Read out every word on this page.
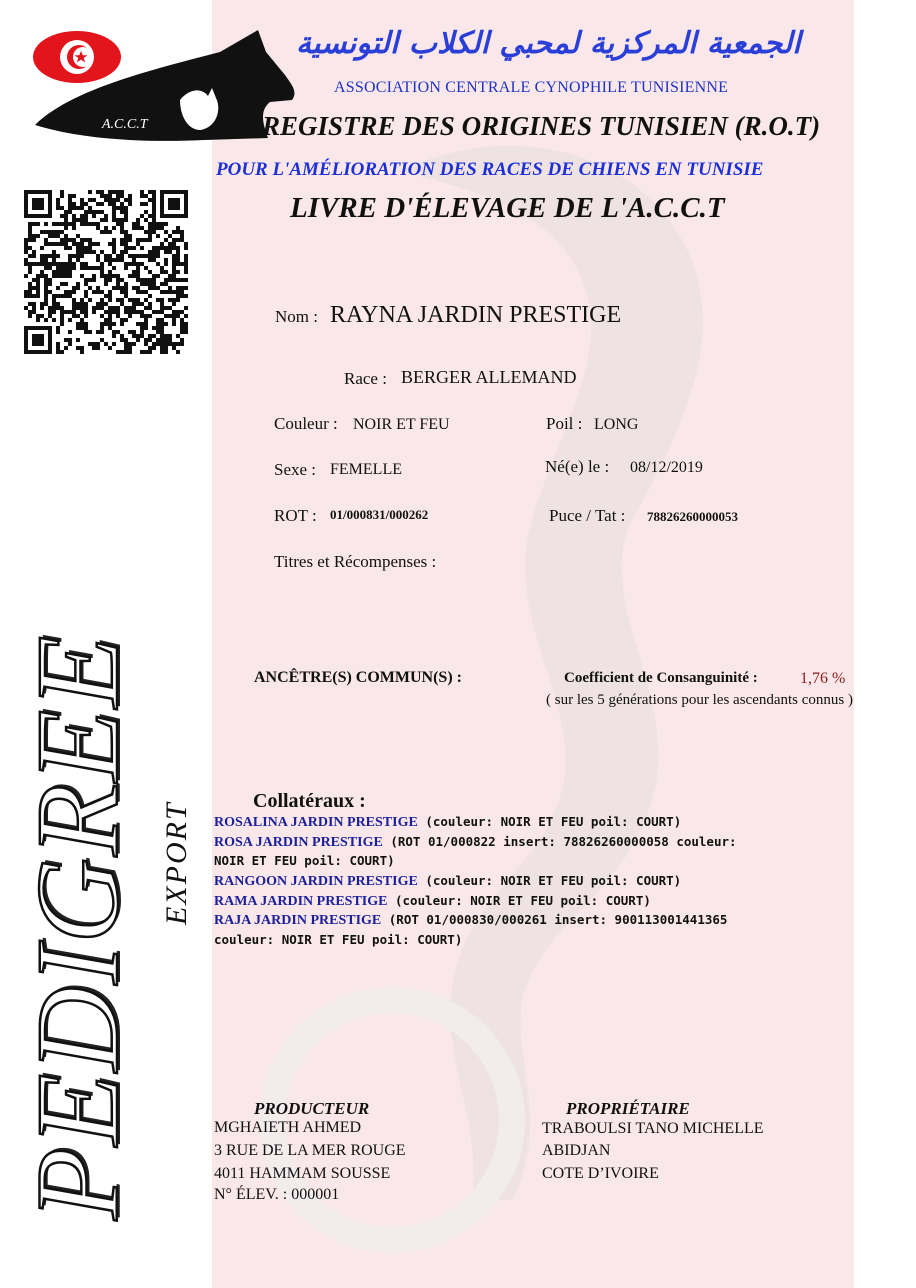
A.C.C.T
الجمعية المركزية لمحبي الكلاب التونسية
ASSOCIATION CENTRALE CYNOPHILE TUNISIENNE
REGISTRE DES ORIGINES TUNISIEN (R.O.T)
POUR L'AMÉLIORATION DES RACES DE CHIENS EN TUNISIE
LIVRE D'ÉLEVAGE DE L'A.C.C.T
Nom : RAYNA JARDIN PRESTIGE
Race : BERGER ALLEMAND
Couleur : NOIR ET FEU	Poil : LONG
Sexe : FEMELLE	Né(e) le : 08/12/2019
ROT : 01/000831/000262	Puce / Tat : 78826260000053
Titres et Récompenses :
ANCÊTRE(S) COMMUN(S) :	Coefficient de Consanguinité :	1,76 %
( sur les 5 générations pour les ascendants connus )
Collatéraux :
ROSALINA JARDIN PRESTIGE (couleur: NOIR ET FEU poil: COURT)
ROSA JARDIN PRESTIGE (ROT 01/000822 insert: 78826260000058 couleur:
NOIR ET FEU poil: COURT)
RANGOON JARDIN PRESTIGE (couleur: NOIR ET FEU poil: COURT)
RAMA JARDIN PRESTIGE (couleur: NOIR ET FEU poil: COURT)
RAJA JARDIN PRESTIGE (ROT 01/000830/000261 insert: 900113001441365
couleur: NOIR ET FEU poil: COURT)
PRODUCTEUR
MGHAIETH AHMED
3 RUE DE LA MER ROUGE
4011 HAMMAM SOUSSE
N° ÉLEV. : 000001
PROPRIÉTAIRE
TRABOULSI TANO MICHELLE
ABIDJAN
COTE D’IVOIRE
PEDIGREE EXPORT
